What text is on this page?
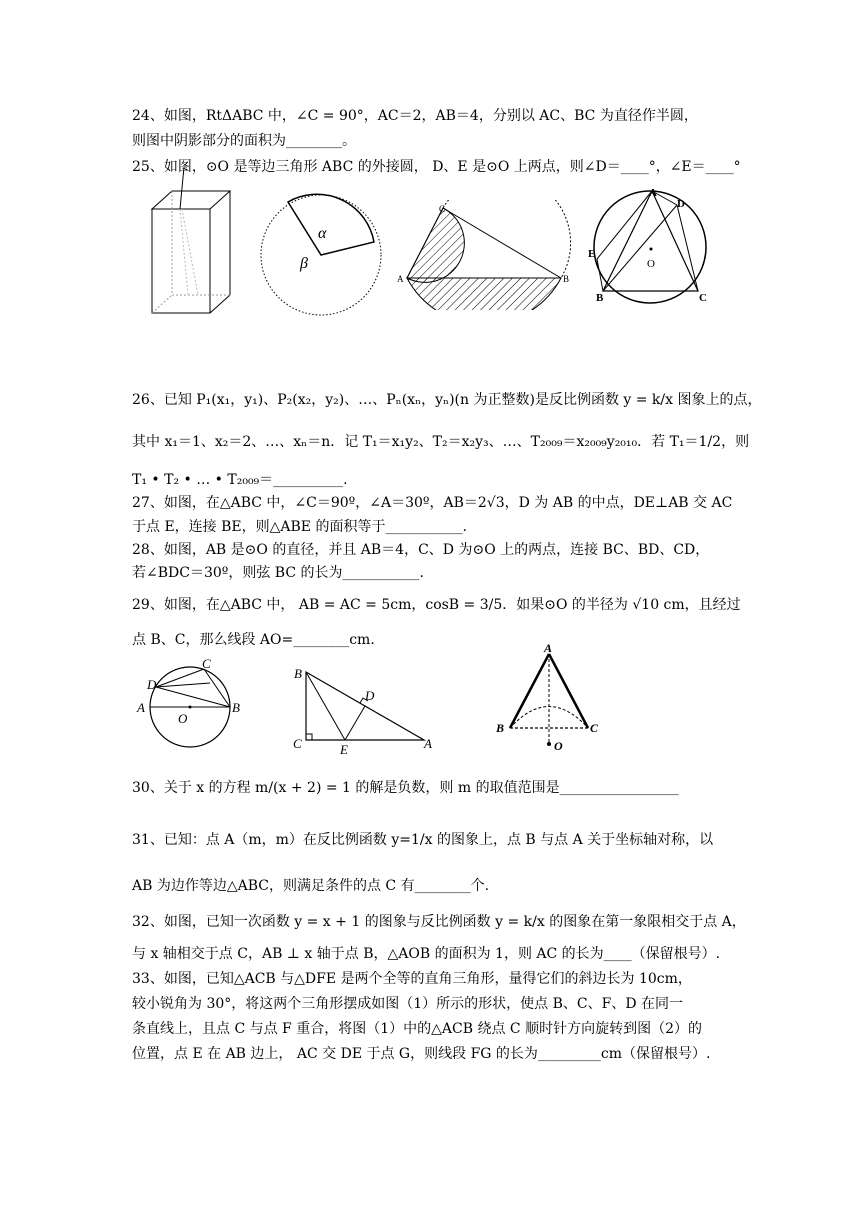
24、如图，RtΔABC 中，∠C = 90°，AC＝2，AB＝4，分别以 AC、BC 为直径作半圆，
则图中阴影部分的面积为________。
25、如图，⊙O 是等边三角形 ABC 的外接圆， D、E 是⊙O 上两点，则∠D＝____°，∠E＝____°
α
β
C
A	B
A
D
E
O
B	C
26、已知 P₁(x₁，y₁)、P₂(x₂，y₂)、…、Pₙ(xₙ，yₙ)(n 为正整数)是反比例函数 y = k/x 图象上的点，
其中 x₁＝1、x₂＝2、…、xₙ＝n．记 T₁＝x₁y₂、T₂＝x₂y₃、…、T₂₀₀₉＝x₂₀₀₉y₂₀₁₀．若 T₁＝1/2，则
T₁ • T₂ • … • T₂₀₀₉＝__________.
27、如图，在△ABC 中，∠C＝90º，∠A＝30º，AB＝2√3，D 为 AB 的中点，DE⊥AB 交 AC
于点 E，连接 BE，则△ABE 的面积等于___________.
28、如图，AB 是⊙O 的直径，并且 AB＝4，C、D 为⊙O 上的两点，连接 BC、BD、CD，
若∠BDC＝30º，则弦 BC 的长为___________.
29、如图，在△ABC 中， AB = AC = 5cm，cosB = 3/5．如果⊙O 的半径为 √10 cm，且经过
点 B、C，那么线段 AO=________cm.
C
D
A	B
O
B
D
C	E	A
A
B	C
O
30、关于 x 的方程 m/(x + 2) = 1 的解是负数，则 m 的取值范围是_________________
31、已知：点 A（m，m）在反比例函数 y=1/x 的图象上，点 B 与点 A 关于坐标轴对称，以
AB 为边作等边△ABC，则满足条件的点 C 有________个.
32、如图，已知一次函数 y = x + 1 的图象与反比例函数 y = k/x 的图象在第一象限相交于点 A，
与 x 轴相交于点 C，AB ⊥ x 轴于点 B，△AOB 的面积为 1，则 AC 的长为____（保留根号）.
33、如图，已知△ACB 与△DFE 是两个全等的直角三角形，量得它们的斜边长为 10cm，
较小锐角为 30°，将这两个三角形摆成如图（1）所示的形状，使点 B、C、F、D 在同一
条直线上，且点 C 与点 F 重合，将图（1）中的△ACB 绕点 C 顺时针方向旋转到图（2）的
位置，点 E 在 AB 边上， AC 交 DE 于点 G，则线段 FG 的长为_________cm（保留根号）.
